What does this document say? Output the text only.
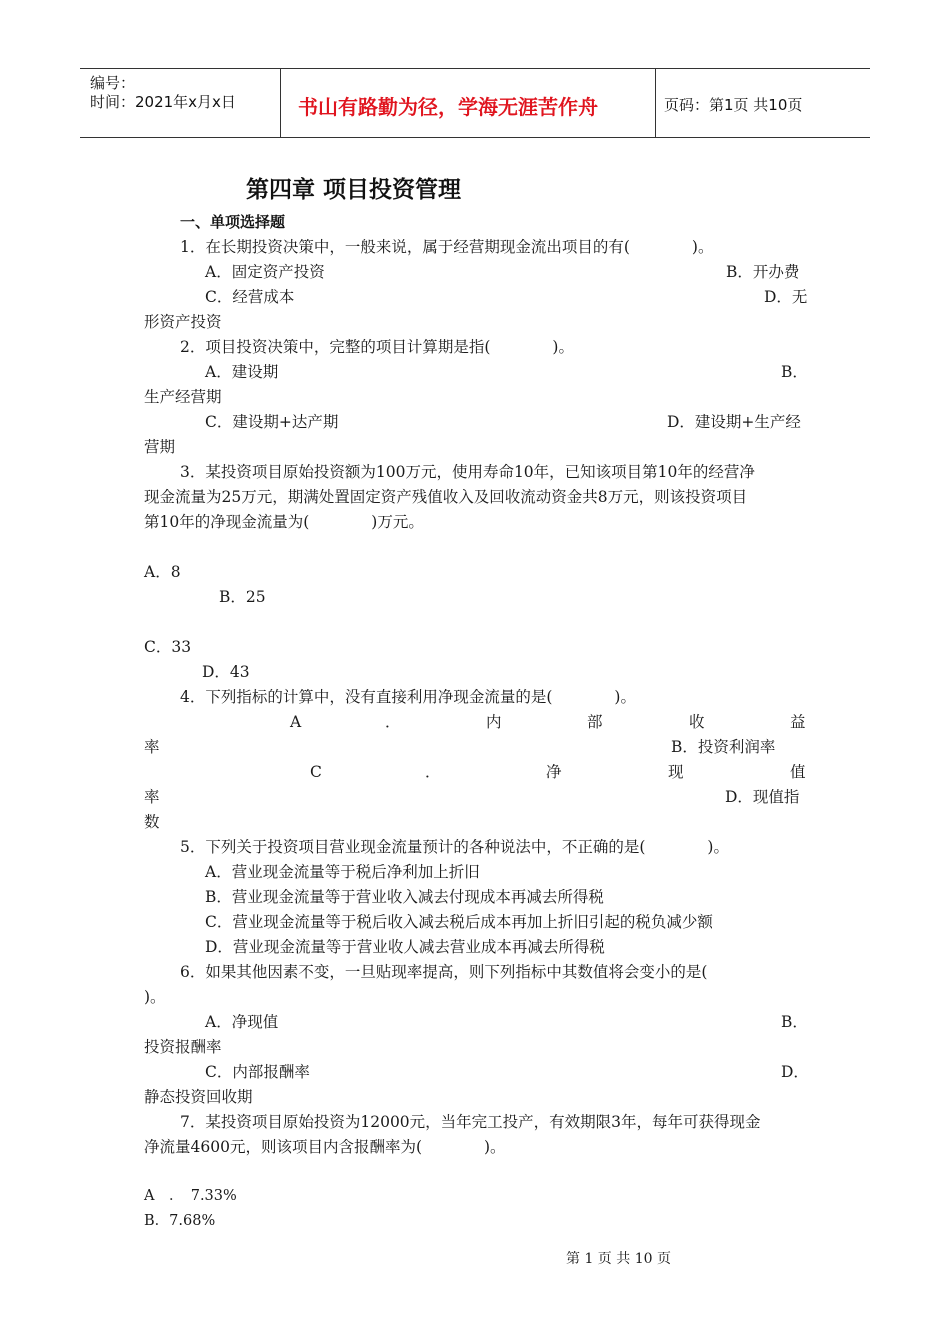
编号：
时间：2021年x月x日	书山有路勤为径，学海无涯苦作舟	页码：第1页 共10页
第四章 项目投资管理
一、单项选择题
1．在长期投资决策中，一般来说，属于经营期现金流出项目的有(　　　　)。
A．固定资产投资	B．开办费
C．经营成本	D．无
形资产投资
2．项目投资决策中，完整的项目计算期是指(　　　　)。
A．建设期	B．
生产经营期
C．建设期+达产期	D．建设期+生产经
营期
3．某投资项目原始投资额为100万元，使用寿命10年，已知该项目第10年的经营净
现金流量为25万元，期满处置固定资产残值收入及回收流动资金共8万元，则该投资项目
第10年的净现金流量为(　　　　)万元。
A．8
B．25
C．33
D．43
4．下列指标的计算中，没有直接利用净现金流量的是(　　　　)。
A	．	内	部	收	益
率	B．投资利润率
C	．	净	现	值
率	D．现值指
数
5．下列关于投资项目营业现金流量预计的各种说法中，不正确的是(　　　　)。
A．营业现金流量等于税后净利加上折旧
B．营业现金流量等于营业收入减去付现成本再减去所得税
C．营业现金流量等于税后收入减去税后成本再加上折旧引起的税负减少额
D．营业现金流量等于营业收人减去营业成本再减去所得税
6．如果其他因素不变，一旦贴现率提高，则下列指标中其数值将会变小的是(
)。
A．净现值	B．
投资报酬率
C．内部报酬率	D．
静态投资回收期
7．某投资项目原始投资为12000元，当年完工投产，有效期限3年，每年可获得现金
净流量4600元，则该项目内含报酬率为(　　　　)。
A　．　7.33%
B．7.68%
第 1 页 共 10 页
